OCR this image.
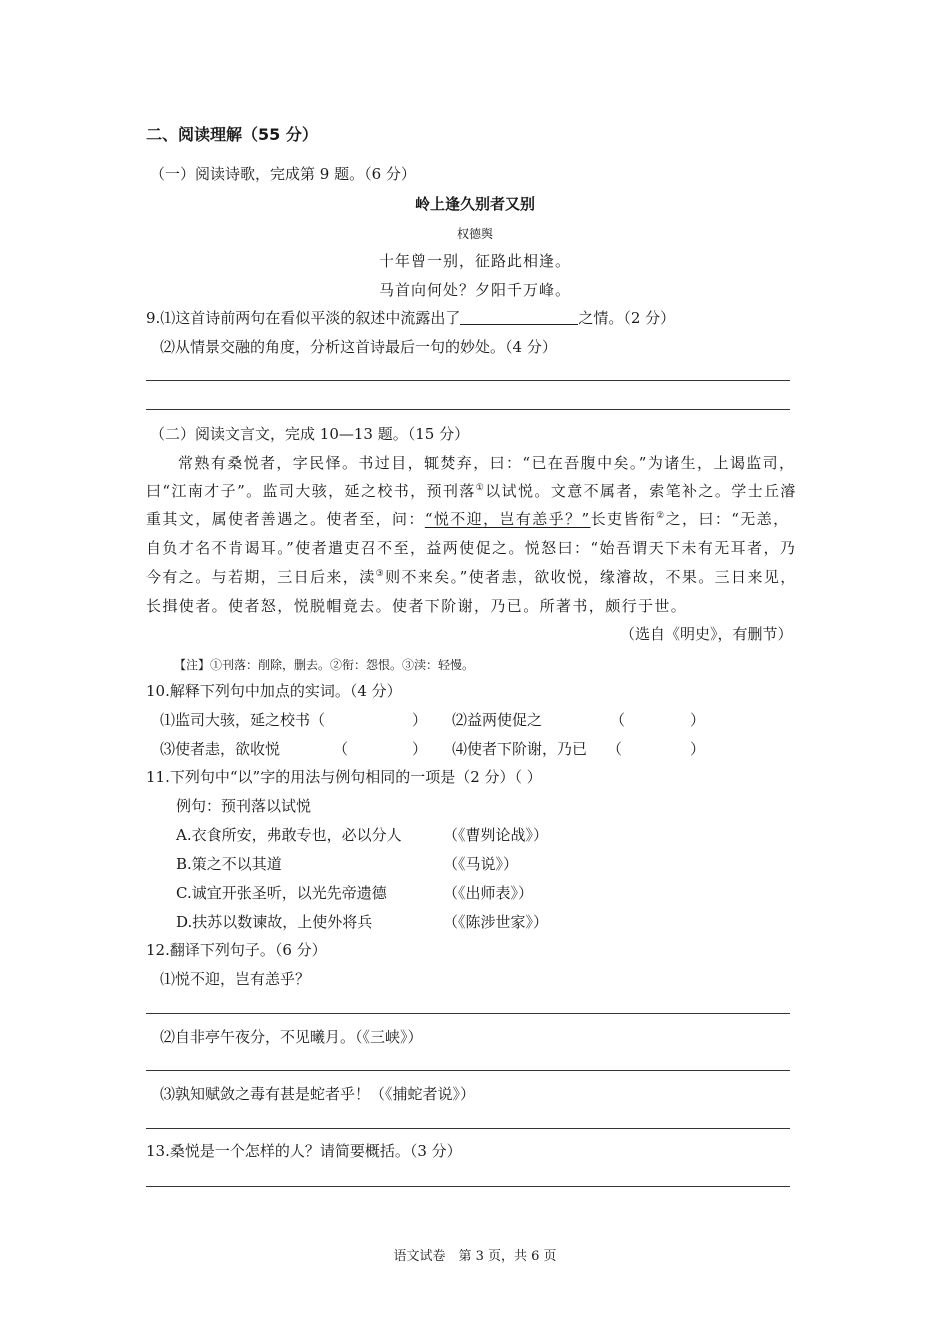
二、阅读理解（55 分）
（一）阅读诗歌，完成第 9 题。（6 分）
岭上逢久别者又别
权德舆
十年曾一别，征路此相逢。
马首向何处？夕阳千万峰。
9.⑴这首诗前两句在看似平淡的叙述中流露出了	之情。（2 分）
⑵从情景交融的角度，分析这首诗最后一句的妙处。（4 分）
（二）阅读文言文，完成 10—13 题。（15 分）
常熟有桑悦者，字民怿。书过目，辄焚弃，曰：“已在吾腹中矣。”为诸生，上谒监司，
曰“江南才子”。监司大骇，延之校书，预刊落①以试悦。文意不属者，索笔补之。学士丘濬
重其文，属使者善遇之。使者至，问：“悦不迎，岂有恙乎？”长吏皆衔②之，曰：“无恙，
自负才名不肯谒耳。”使者遣吏召不至，益两使促之。悦怒曰：“始吾谓天下未有无耳者，乃
今有之。与若期，三日后来，渎③则不来矣。”使者恚，欲收悦，缘濬故，不果。三日来见，
长揖使者。使者怒，悦脱帽竟去。使者下阶谢，乃已。所著书，颇行于世。
（选自《明史》，有删节）
【注】①刊落：削除，删去。②衔：怨恨。③渎：轻慢。
10.解释下列句中加点的实词。（4 分）
⑴监司大骇，延之校书（	） ⑵益两使促之	（	）
⑶使者恚，欲收悦	（	） ⑷使者下阶谢，乃已 （	）
11.下列句中“以”字的用法与例句相同的一项是（2 分）（ ）
例句：预刊落以试悦
A.衣食所安，弗敢专也，必以分人	（《曹刿论战》）
B.策之不以其道	（《马说》）
C.诚宜开张圣听，以光先帝遗德	（《出师表》）
D.扶苏以数谏故，上使外将兵	（《陈涉世家》）
12.翻译下列句子。（6 分）
⑴悦不迎，岂有恙乎？
⑵自非亭午夜分，不见曦月。（《三峡》）
⑶孰知赋敛之毒有甚是蛇者乎！（《捕蛇者说》）
13.桑悦是一个怎样的人？请简要概括。（3 分）
语文试卷　第 3 页，共 6 页
